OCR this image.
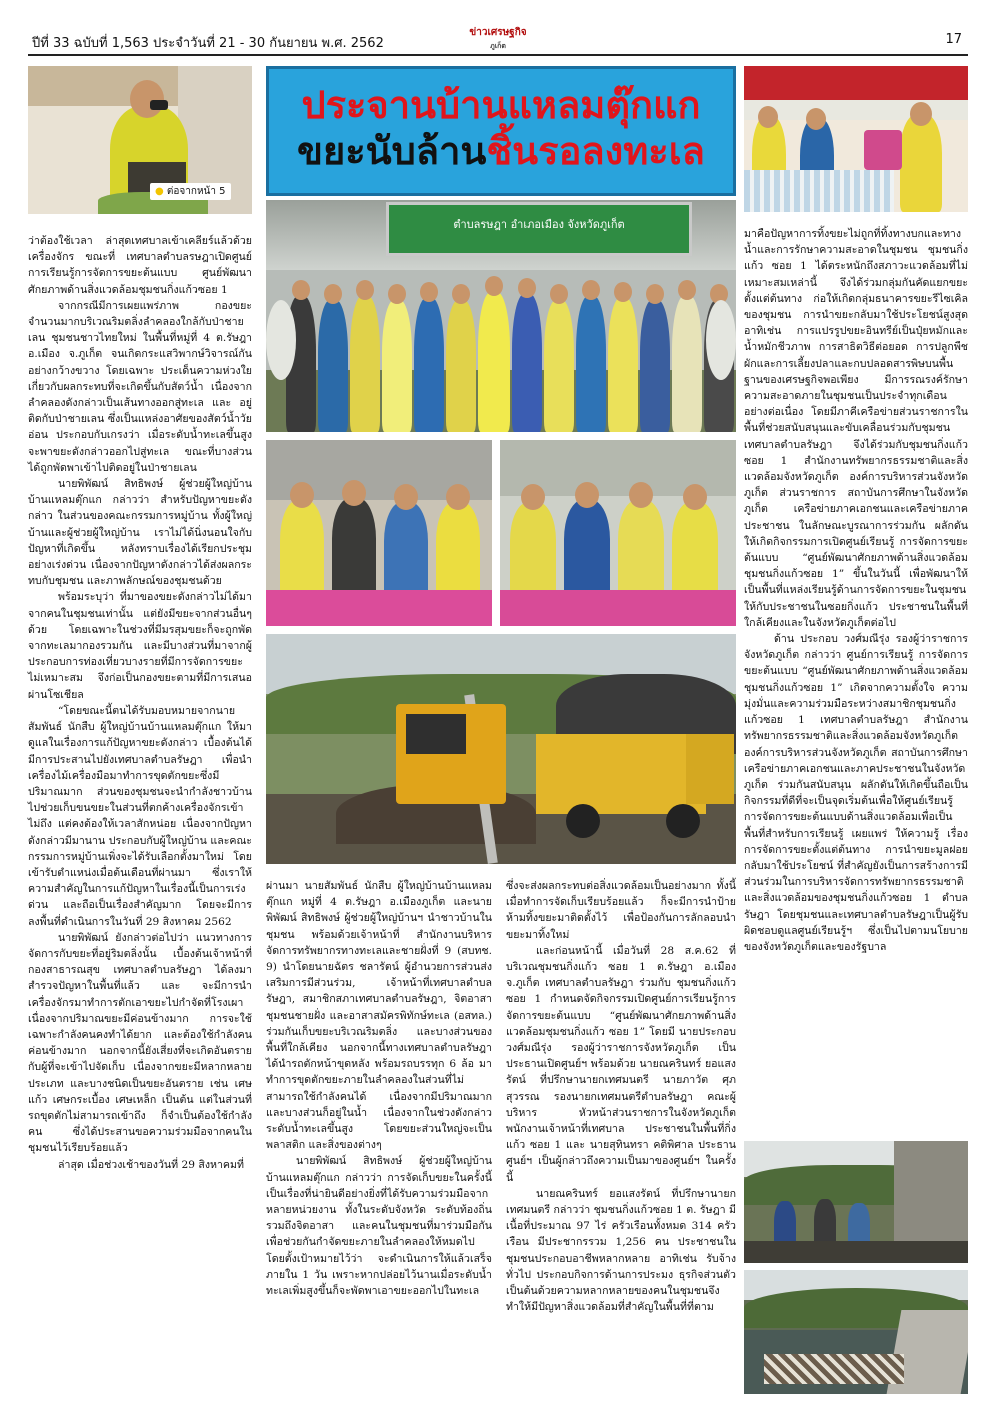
ปีที่ 33 ฉบับที่ 1,563 ประจำวันที่ 21 - 30 กันยายน พ.ศ. 2562
ข่าวเศรษฐกิจ
ภูเก็ต	17
● ต่อจากหน้า 5
ประจานบ้านแหลมตุ๊กแก
ขยะนับล้านชิ้นรอลงทะเล
ตำบลรษฎา อำเภอเมือง จังหวัดภูเก็ต

ว่าต้องใช้เวลา ล่าสุดเทศบาลเข้าเคลียร์แล้วด้วยเครื่องจักร ขณะที่ เทศบาลตำบลรษฎาเปิดศูนย์การเรียนรู้การจัดการขยะต้นแบบ ศูนย์พัฒนาศักยภาพด้านสิ่งแวดล้อมชุมชนกิ่งแก้วซอย 1

จากกรณีมีการเผยแพร่ภาพ กองขยะจำนวนมากบริเวณริมตลิ่งลำคลองใกล้กับป่าชายเลน ชุมชนชาวไทยใหม่ ในพื้นที่หมู่ที่ 4 ต.รัษฎา อ.เมือง จ.ภูเก็ต จนเกิดกระแสวิพากษ์วิจารณ์กันอย่างกว้างขวาง โดยเฉพาะ ประเด็นความห่วงใยเกี่ยวกับผลกระทบที่จะเกิดขึ้นกับสัตว์น้ำ เนื่องจากลำคลองดังกล่าวเป็นเส้นทางออกสู่ทะเล และ อยู่ติดกับป่าชายเลน ซึ่งเป็นแหล่งอาศัยของสัตว์น้ำวัยอ่อน ประกอบกับเกรงว่า เมื่อระดับน้ำทะเลขึ้นสูงจะพาขยะดังกล่าวออกไปสู่ทะเล ขณะที่บางส่วนได้ถูกพัดพาเข้าไปติดอยู่ในป่าชายเลน

นายพิพัฒน์ สิทธิพงษ์ ผู้ช่วยผู้ใหญ่บ้านบ้านแหลมตุ๊กแก กล่าวว่า สำหรับปัญหาขยะดังกล่าว ในส่วนของคณะกรรมการหมู่บ้าน ทั้งผู้ใหญ่บ้านและผู้ช่วยผู้ใหญ่บ้าน เราไม่ได้นิ่งนอนใจกับปัญหาที่เกิดขึ้น หลังทราบเรื่องได้เรียกประชุมอย่างเร่งด่วน เนื่องจากปัญหาดังกล่าวได้ส่งผลกระทบกับชุมชน และภาพลักษณ์ของชุมชนด้วย

พร้อมระบุว่า ที่มาของขยะดังกล่าวไม่ได้มาจากคนในชุมชนเท่านั้น แต่ยังมีขยะจากส่วนอื่นๆ ด้วย โดยเฉพาะในช่วงที่มีมรสุมขยะก็จะถูกพัดจากทะเลมากองรวมกัน และมีบางส่วนที่มาจากผู้ประกอบการท่องเที่ยวบางรายที่มีการจัดการขยะไม่เหมาะสม จึงก่อเป็นกองขยะตามที่มีการเสนอผ่านโซเชียล

“โดยขณะนี้ตนได้รับมอบหมายจากนายสัมพันธ์ นักสืบ ผู้ใหญ่บ้านบ้านแหลมตุ๊กแก ให้มาดูแลในเรื่องการแก้ปัญหาขยะดังกล่าว เบื้องต้นได้มีการประสานไปยังเทศบาลตำบลรัษฎา เพื่อนำเครื่องไม้เครื่องมือมาทำการขุดตักขยะซึ่งมีปริมาณมาก ส่วนของชุมชนจะนำกำลังชาวบ้านไปช่วยเก็บขนขยะในส่วนที่ตกค้างเครื่องจักรเข้าไม่ถึง แต่คงต้องให้เวลาสักหน่อย เนื่องจากปัญหาดังกล่าวมีมานาน ประกอบกับผู้ใหญ่บ้าน และคณะกรรมการหมู่บ้านเพิ่งจะได้รับเลือกตั้งมาใหม่ โดยเข้ารับตำแหน่งเมื่อต้นเดือนที่ผ่านมา ซึ่งเราให้ความสำคัญในการแก้ปัญหาในเรื่องนี้เป็นการเร่งด่วน และถือเป็นเรื่องสำคัญมาก โดยจะมีการลงพื้นที่ดำเนินการในวันที่ 29 สิงหาคม 2562

นายพิพัฒน์ ยังกล่าวต่อไปว่า แนวทางการจัดการกับขยะที่อยู่ริมตลิ่งนั้น เบื้องต้นเจ้าหน้าที่กองสาธารณสุข เทศบาลตำบลรัษฎา ได้ลงมาสำรวจปัญหาในพื้นที่แล้ว และ จะมีการนำเครื่องจักรมาทำการตักเอาขยะไปกำจัดที่โรงเผา เนื่องจากปริมาณขยะมีค่อนข้างมาก การจะใช้เฉพาะกำลังคนคงทำได้ยาก และต้องใช้กำลังคนค่อนข้างมาก นอกจากนี้ยังเสี่ยงที่จะเกิดอันตรายกับผู้ที่จะเข้าไปจัดเก็บ เนื่องจากขยะมีหลากหลายประเภท และบางชนิดเป็นขยะอันตราย เช่น เศษแก้ว เศษกระเบื้อง เศษเหล็ก เป็นต้น แต่ในส่วนที่รถขุดตักไม่สามารถเข้าถึง ก็จำเป็นต้องใช้กำลังคน ซึ่งได้ประสานขอความร่วมมือจากคนในชุมชนไว้เรียบร้อยแล้ว

ล่าสุด เมื่อช่วงเช้าของวันที่ 29 สิงหาคมที่

ผ่านมา นายสัมพันธ์ นักสืบ ผู้ใหญ่บ้านบ้านแหลมตุ๊กแก หมู่ที่ 4 ต.รัษฎา อ.เมืองภูเก็ต และนายพิพัฒน์ สิทธิพงษ์ ผู้ช่วยผู้ใหญ่บ้านฯ นำชาวบ้านในชุมชน พร้อมด้วยเจ้าหน้าที่ สำนักงานบริหารจัดการทรัพยากรทางทะเลและชายฝั่งที่ 9 (สบทช. 9) นำโดยนายฉัตร ชลารัตน์ ผู้อำนวยการส่วนส่งเสริมการมีส่วนร่วม, เจ้าหน้าที่เทศบาลตำบลรัษฎา, สมาชิกสภาเทศบาลตำบลรัษฎา, จิตอาสาชุมชนชายฝั่ง และอาสาสมัครพิทักษ์ทะเล (อสทล.) ร่วมกันเก็บขยะบริเวณริมตลิ่ง และบางส่วนของพื้นที่ใกล้เคียง นอกจากนี้ทางเทศบาลตำบลรัษฎาได้นำรถตักหน้าขุดหลัง พร้อมรถบรรทุก 6 ล้อ มาทำการขุดตักขยะภายในลำคลองในส่วนที่ไม่สามารถใช้กำลังคนได้ เนื่องจากมีปริมาณมาก และบางส่วนก็อยู่ในน้ำ เนื่องจากในช่วงดังกล่าวระดับน้ำทะเลขึ้นสูง โดยขยะส่วนใหญ่จะเป็นพลาสติก และสิ่งของต่างๆ

นายพิพัฒน์ สิทธิพงษ์ ผู้ช่วยผู้ใหญ่บ้านบ้านแหลมตุ๊กแก กล่าวว่า การจัดเก็บขยะในครั้งนี้เป็นเรื่องที่น่ายินดีอย่างยิ่งที่ได้รับความร่วมมือจากหลายหน่วยงาน ทั้งในระดับจังหวัด ระดับท้องถิ่น รวมถึงจิตอาสา และคนในชุมชนที่มาร่วมมือกันเพื่อช่วยกันกำจัดขยะภายในลำคลองให้หมดไป โดยตั้งเป้าหมายไว้ว่า จะดำเนินการให้แล้วเสร็จภายใน 1 วัน เพราะหากปล่อยไว้นานเมื่อระดับน้ำทะเลเพิ่มสูงขึ้นก็จะพัดพาเอาขยะออกไปในทะเล

ซึ่งจะส่งผลกระทบต่อสิ่งแวดล้อมเป็นอย่างมาก ทั้งนี้เมื่อทำการจัดเก็บเรียบร้อยแล้ว ก็จะมีการนำป้ายห้ามทิ้งขยะมาติดตั้งไว้ เพื่อป้องกันการลักลอบนำขยะมาทิ้งใหม่

และก่อนหน้านี้ เมื่อวันที่ 28 ส.ค.62 ที่บริเวณชุมชนกิ่งแก้ว ซอย 1 ต.รัษฎา อ.เมือง จ.ภูเก็ต เทศบาลตำบลรัษฎา ร่วมกับ ชุมชนกิ่งแก้ว ซอย 1 กำหนดจัดกิจกรรมเปิดศูนย์การเรียนรู้การจัดการขยะต้นแบบ “ศูนย์พัฒนาศักยภาพด้านสิ่งแวดล้อมชุมชนกิ่งแก้ว ซอย 1” โดยมี นายประกอบ วงศ์มณีรุ่ง รองผู้ว่าราชการจังหวัดภูเก็ต เป็นประธานเปิดศูนย์ฯ พร้อมด้วย นายณครินทร์ ยอแสงรัตน์ ที่ปรึกษานายกเทศมนตรี นายภาวัต ศุภสุวรรณ รองนายกเทศมนตรีตำบลรัษฎา คณะผู้บริหาร หัวหน้าส่วนราชการในจังหวัดภูเก็ต พนักงานเจ้าหน้าที่เทศบาล ประชาชนในพื้นที่กิ่งแก้ว ซอย 1 และ นายสุทินทรา คติพิศาล ประธานศูนย์ฯ เป็นผู้กล่าวถึงความเป็นมาของศูนย์ฯ ในครั้งนี้

นายณครินทร์ ยอแสงรัตน์ ที่ปรึกษานายกเทศมนตรี กล่าวว่า ชุมชนกิ่งแก้วซอย 1 ต. รัษฎา มีเนื้อที่ประมาณ 97 ไร่ ครัวเรือนทั้งหมด 314 ครัวเรือน มีประชากรรวม 1,256 คน ประชาชนในชุมชนประกอบอาชีพหลากหลาย อาทิเช่น รับจ้างทั่วไป ประกอบกิจการด้านการประมง ธุรกิจส่วนตัว เป็นต้นด้วยความหลากหลายของคนในชุมชนจึงทำให้มีปัญหาสิ่งแวดล้อมที่สำคัญในพื้นที่ที่ตาม

มาคือปัญหาการทิ้งขยะไม่ถูกที่ทิ้งทางบกและทางน้ำและการรักษาความสะอาดในชุมชน ชุมชนกิ่งแก้ว ซอย 1 ได้ตระหนักถึงสภาวะแวดล้อมที่ไม่เหมาะสมเหล่านี้ จึงได้ร่วมกลุ่มกันคัดแยกขยะตั้งแต่ต้นทาง ก่อให้เกิดกลุ่มธนาคารขยะรีไซเคิลของชุมชน การนำขยะกลับมาใช้ประโยชน์สูงสุดอาทิเช่น การแปรรูปขยะอินทรีย์เป็นปุ๋ยหมักและน้ำหมักชีวภาพ การสาธิตวิธีต่อยอด การปลูกพืชผักและการเลี้ยงปลาและกบปลอดสารพิษบนพื้นฐานของเศรษฐกิจพอเพียง มีการรณรงค์รักษาความสะอาดภายในชุมชนเป็นประจำทุกเดือนอย่างต่อเนื่อง โดยมีภาคีเครือข่ายส่วนราชการในพื้นที่ช่วยสนับสนุนและขับเคลื่อนร่วมกับชุมชน เทศบาลตำบลรัษฎา จึงได้ร่วมกับชุมชนกิ่งแก้วซอย 1 สำนักงานทรัพยากรธรรมชาติและสิ่งแวดล้อมจังหวัดภูเก็ต องค์การบริหารส่วนจังหวัดภูเก็ต ส่วนราชการ สถาบันการศึกษาในจังหวัดภูเก็ต เครือข่ายภาคเอกชนและเครือข่ายภาคประชาชน ในลักษณะบูรณาการร่วมกัน ผลักดันให้เกิดกิจกรรมการเปิดศูนย์เรียนรู้ การจัดการขยะต้นแบบ “ศูนย์พัฒนาศักยภาพด้านสิ่งแวดล้อมชุมชนกิ่งแก้วซอย 1” ขึ้นในวันนี้ เพื่อพัฒนาให้เป็นพื้นที่แหล่งเรียนรู้ด้านการจัดการขยะในชุมชนให้กับประชาชนในซอยกิ่งแก้ว ประชาชนในพื้นที่ใกล้เคียงและในจังหวัดภูเก็ตต่อไป

ด้าน ประกอบ วงศ์มณีรุ่ง รองผู้ว่าราชการจังหวัดภูเก็ต กล่าวว่า ศูนย์การเรียนรู้ การจัดการขยะต้นแบบ “ศูนย์พัฒนาศักยภาพด้านสิ่งแวดล้อมชุมชนกิ่งแก้วซอย 1” เกิดจากความตั้งใจ ความมุ่งมั่นและความร่วมมือระหว่างสมาชิกชุมชนกิ่งแก้วซอย 1 เทศบาลตำบลรัษฎา สำนักงานทรัพยากรธรรมชาติและสิ่งแวดล้อมจังหวัดภูเก็ต องค์การบริหารส่วนจังหวัดภูเก็ต สถาบันการศึกษาเครือข่ายภาคเอกชนและภาคประชาชนในจังหวัดภูเก็ต ร่วมกันสนับสนุน ผลักดันให้เกิดขึ้นถือเป็นกิจกรรมที่ดีที่จะเป็นจุดเริ่มต้นเพื่อให้ศูนย์เรียนรู้ การจัดการขยะต้นแบบด้านสิ่งแวดล้อมเพื่อเป็นพื้นที่สำหรับการเรียนรู้ เผยแพร่ ให้ความรู้ เรื่องการจัดการขยะตั้งแต่ต้นทาง การนำขยะมูลฝอยกลับมาใช้ประโยชน์ ที่สำคัญยังเป็นการสร้างการมีส่วนร่วมในการบริหารจัดการทรัพยากรธรรมชาติและสิ่งแวดล้อมของชุมชนกิ่งแก้วซอย 1 ตำบลรัษฎา โดยชุมชนและเทศบาลตำบลรัษฎาเป็นผู้รับผิดชอบดูแลศูนย์เรียนรู้ฯ ซึ่งเป็นไปตามนโยบายของจังหวัดภูเก็ตและของรัฐบาล
